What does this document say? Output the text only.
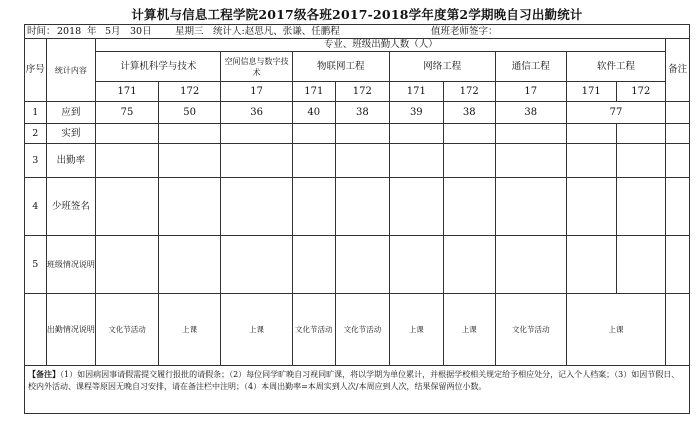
计算机与信息工程学院2017级各班2017-2018学年度第2学期晚自习出勤统计
时间： 2018 年 5月 30日 星期三 统计人:赵思凡、张谦、任鹏程	值班老师签字：
序号	统计内容	专业、班级出勤人数（人）										备注
		计算机科学与技术		空间信息与数字技术	物联网工程		网络工程		通信工程	软件工程		
		171	172	17	171	172	171	172	17	171	172	
1	应到	75	50	36	40	38	39	38	38	77		
2	实到											
3	出勤率											
4	少班签名											
5	班级情况说明											
	出勤情况说明	文化节活动	上课	上课	文化节活动	文化节活动	上课	上课	文化节活动	上课		
【备注】（1）如因病因事请假需提交履行报批的请假条；（2）每位同学旷晚自习视同旷课，将以学期为单位累计，并根据学校相关规定给予相应处分，记入个人档案；（3）如因节假日、校内外活动、课程等原因无晚自习安排，请在备注栏中注明；（4）本周出勤率=本周实到人次/本周应到人次，结果保留两位小数。
